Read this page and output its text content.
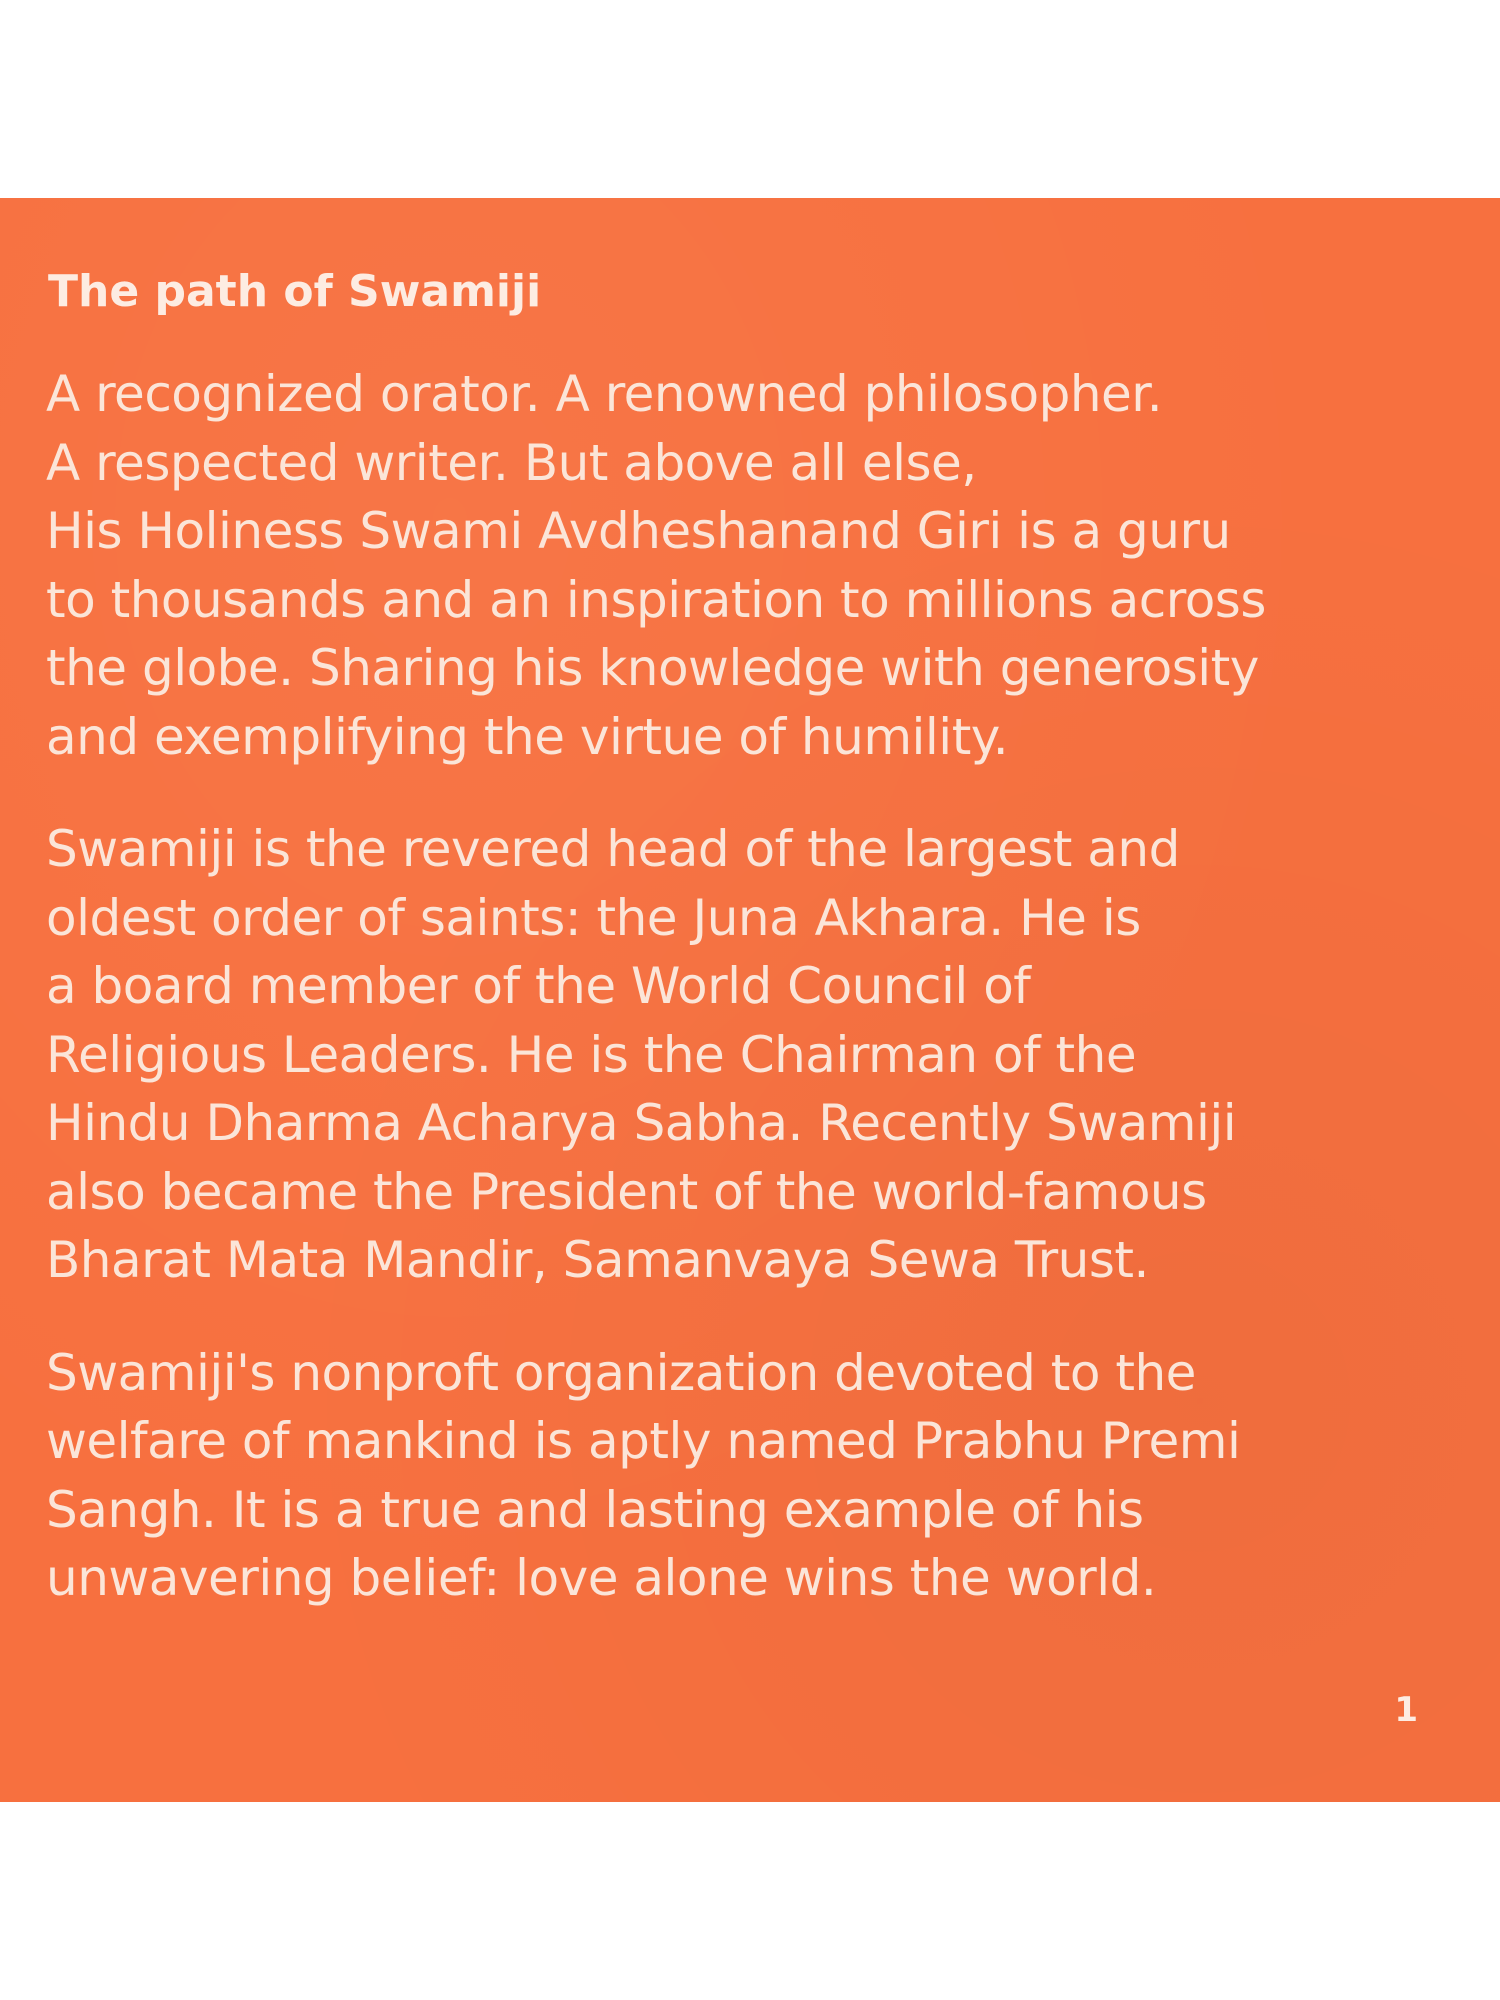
The path of Swamiji

A recognized orator. A renowned philosopher.
A respected writer. But above all else,
His Holiness Swami Avdheshanand Giri is a guru
to thousands and an inspiration to millions across
the globe. Sharing his knowledge with generosity
and exemplifying the virtue of humility.

Swamiji is the revered head of the largest and
oldest order of saints: the Juna Akhara. He is
a board member of the World Council of
Religious Leaders. He is the Chairman of the
Hindu Dharma Acharya Sabha. Recently Swamiji
also became the President of the world-famous
Bharat Mata Mandir, Samanvaya Sewa Trust.

Swamiji's nonproft organization devoted to the
welfare of mankind is aptly named Prabhu Premi
Sangh. It is a true and lasting example of his
unwavering belief: love alone wins the world.

1
